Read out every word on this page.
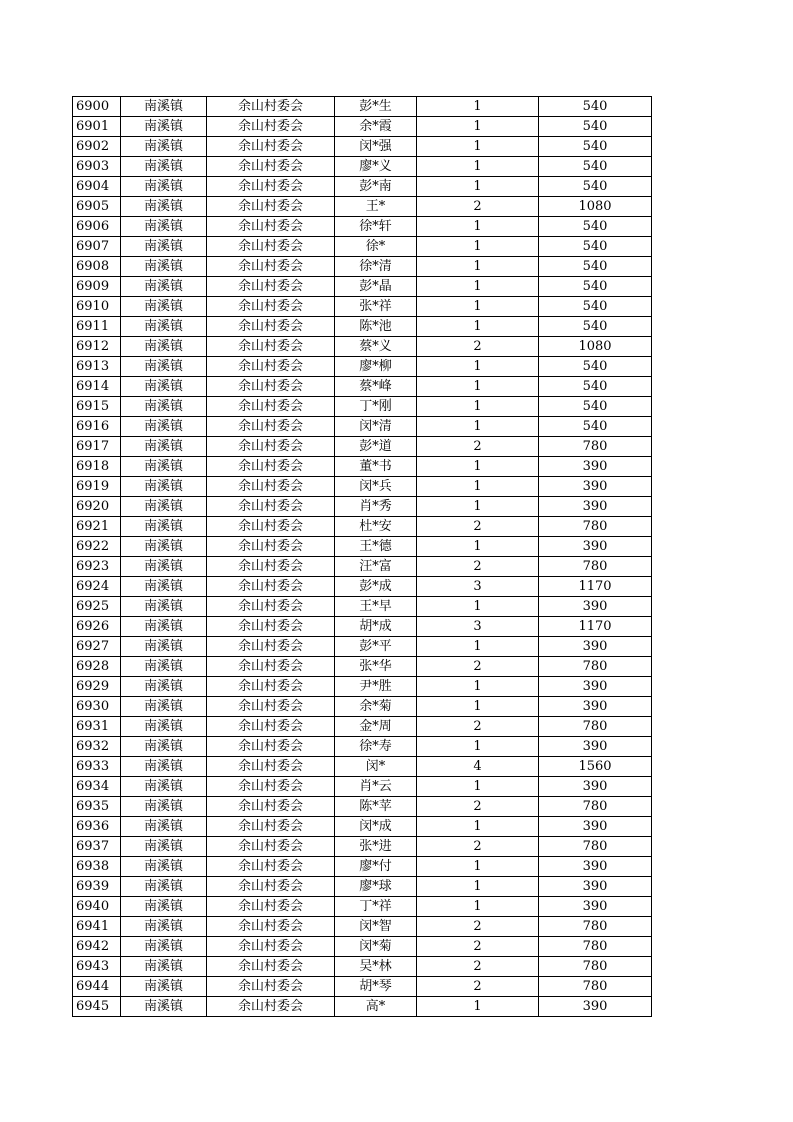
6900	南溪镇	余山村委会	彭*生	1	540
6901	南溪镇	余山村委会	余*霞	1	540
6902	南溪镇	余山村委会	闵*强	1	540
6903	南溪镇	余山村委会	廖*义	1	540
6904	南溪镇	余山村委会	彭*南	1	540
6905	南溪镇	余山村委会	王*	2	1080
6906	南溪镇	余山村委会	徐*轩	1	540
6907	南溪镇	余山村委会	徐*	1	540
6908	南溪镇	余山村委会	徐*清	1	540
6909	南溪镇	余山村委会	彭*晶	1	540
6910	南溪镇	余山村委会	张*祥	1	540
6911	南溪镇	余山村委会	陈*池	1	540
6912	南溪镇	余山村委会	蔡*义	2	1080
6913	南溪镇	余山村委会	廖*柳	1	540
6914	南溪镇	余山村委会	蔡*峰	1	540
6915	南溪镇	余山村委会	丁*刚	1	540
6916	南溪镇	余山村委会	闵*清	1	540
6917	南溪镇	余山村委会	彭*道	2	780
6918	南溪镇	余山村委会	董*书	1	390
6919	南溪镇	余山村委会	闵*兵	1	390
6920	南溪镇	余山村委会	肖*秀	1	390
6921	南溪镇	余山村委会	杜*安	2	780
6922	南溪镇	余山村委会	王*德	1	390
6923	南溪镇	余山村委会	汪*富	2	780
6924	南溪镇	余山村委会	彭*成	3	1170
6925	南溪镇	余山村委会	王*早	1	390
6926	南溪镇	余山村委会	胡*成	3	1170
6927	南溪镇	余山村委会	彭*平	1	390
6928	南溪镇	余山村委会	张*华	2	780
6929	南溪镇	余山村委会	尹*胜	1	390
6930	南溪镇	余山村委会	余*菊	1	390
6931	南溪镇	余山村委会	金*周	2	780
6932	南溪镇	余山村委会	徐*寿	1	390
6933	南溪镇	余山村委会	闵*	4	1560
6934	南溪镇	余山村委会	肖*云	1	390
6935	南溪镇	余山村委会	陈*苹	2	780
6936	南溪镇	余山村委会	闵*成	1	390
6937	南溪镇	余山村委会	张*进	2	780
6938	南溪镇	余山村委会	廖*付	1	390
6939	南溪镇	余山村委会	廖*球	1	390
6940	南溪镇	余山村委会	丁*祥	1	390
6941	南溪镇	余山村委会	闵*智	2	780
6942	南溪镇	余山村委会	闵*菊	2	780
6943	南溪镇	余山村委会	吴*林	2	780
6944	南溪镇	余山村委会	胡*琴	2	780
6945	南溪镇	余山村委会	高*	1	390
